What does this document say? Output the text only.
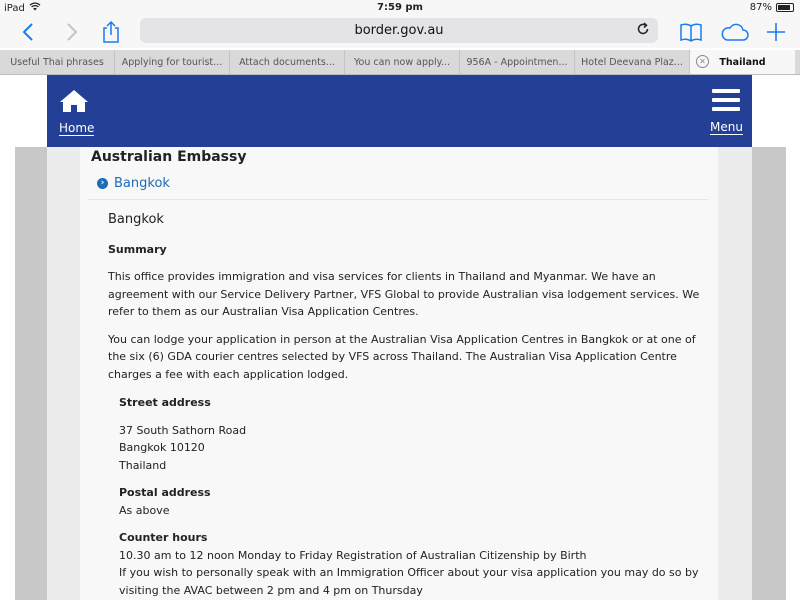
iPad	7:59 pm	87%
border.gov.au
Useful Thai phrases	Applying for tourist...	Attach documents...	You can now apply...	956A - Appointmen...	Hotel Deevana Plaz...	✕	Thailand
Home	Menu
Australian Embassy
› Bangkok
Bangkok

Summary

This office provides immigration and visa services for clients in Thailand and Myanmar. We have an agreement with our Service Delivery Partner, VFS Global to provide Australian visa lodgement services. We refer to them as our Australian Visa Application Centres.

You can lodge your application in person at the Australian Visa Application Centres in Bangkok or at one of the six (6) GDA courier centres selected by VFS across Thailand. The Australian Visa Application Centre charges a fee with each application lodged.

Street address

37 South Sathorn Road

Bangkok 10120

Thailand

Postal address

As above

Counter hours

10.30 am to 12 noon Monday to Friday Registration of Australian Citizenship by Birth

If you wish to personally speak with an Immigration Officer about your visa application you may do so by visiting the AVAC between 2 pm and 4 pm on Thursday
